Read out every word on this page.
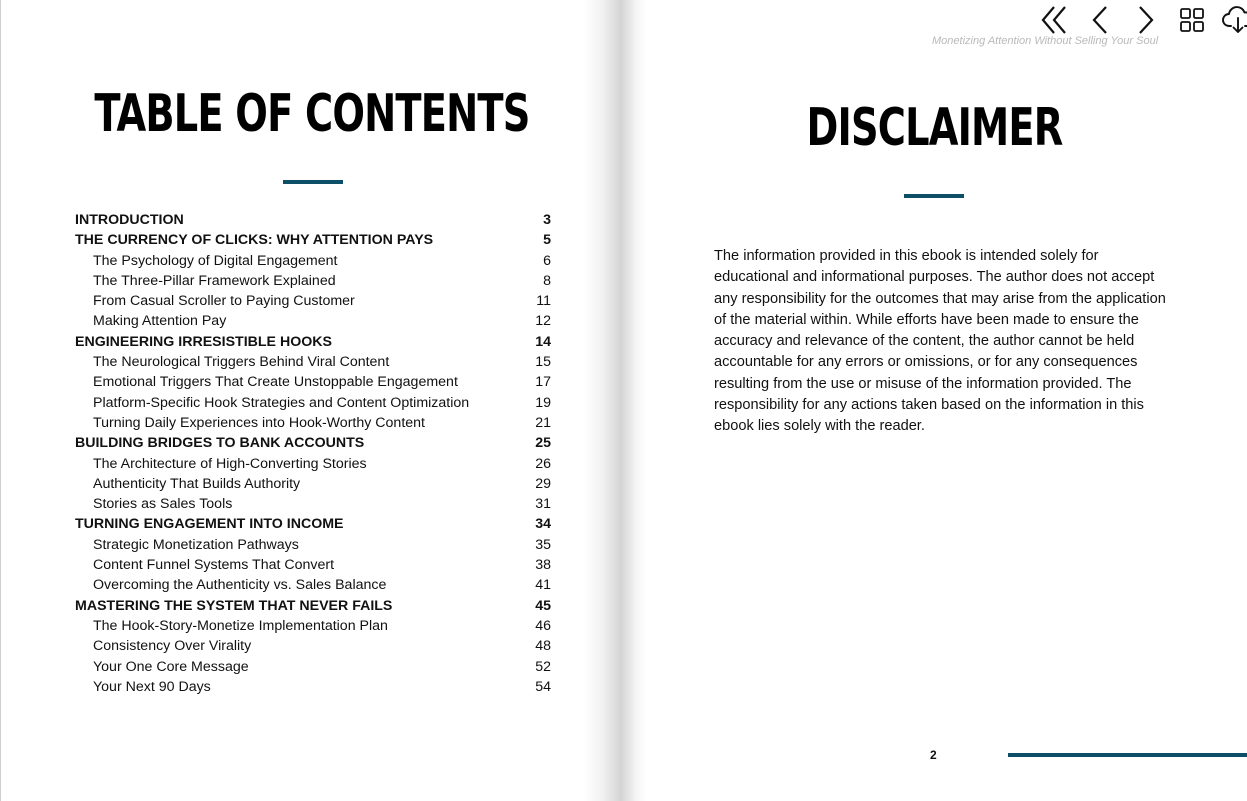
TABLE OF CONTENTS
INTRODUCTION	3
THE CURRENCY OF CLICKS: WHY ATTENTION PAYS	5
The Psychology of Digital Engagement	6
The Three-Pillar Framework Explained	8
From Casual Scroller to Paying Customer	11
Making Attention Pay	12
ENGINEERING IRRESISTIBLE HOOKS	14
The Neurological Triggers Behind Viral Content	15
Emotional Triggers That Create Unstoppable Engagement	17
Platform-Specific Hook Strategies and Content Optimization	19
Turning Daily Experiences into Hook-Worthy Content	21
BUILDING BRIDGES TO BANK ACCOUNTS	25
The Architecture of High-Converting Stories	26
Authenticity That Builds Authority	29
Stories as Sales Tools	31
TURNING ENGAGEMENT INTO INCOME	34
Strategic Monetization Pathways	35
Content Funnel Systems That Convert	38
Overcoming the Authenticity vs. Sales Balance	41
MASTERING THE SYSTEM THAT NEVER FAILS	45
The Hook-Story-Monetize Implementation Plan	46
Consistency Over Virality	48
Your One Core Message	52
Your Next 90 Days	54
Monetizing Attention Without Selling Your Soul
DISCLAIMER
The information provided in this ebook is intended solely for educational and informational purposes. The author does not accept any responsibility for the outcomes that may arise from the application of the material within. While efforts have been made to ensure the accuracy and relevance of the content, the author cannot be held accountable for any errors or omissions, or for any consequences resulting from the use or misuse of the information provided. The responsibility for any actions taken based on the information in this ebook lies solely with the reader.
2
